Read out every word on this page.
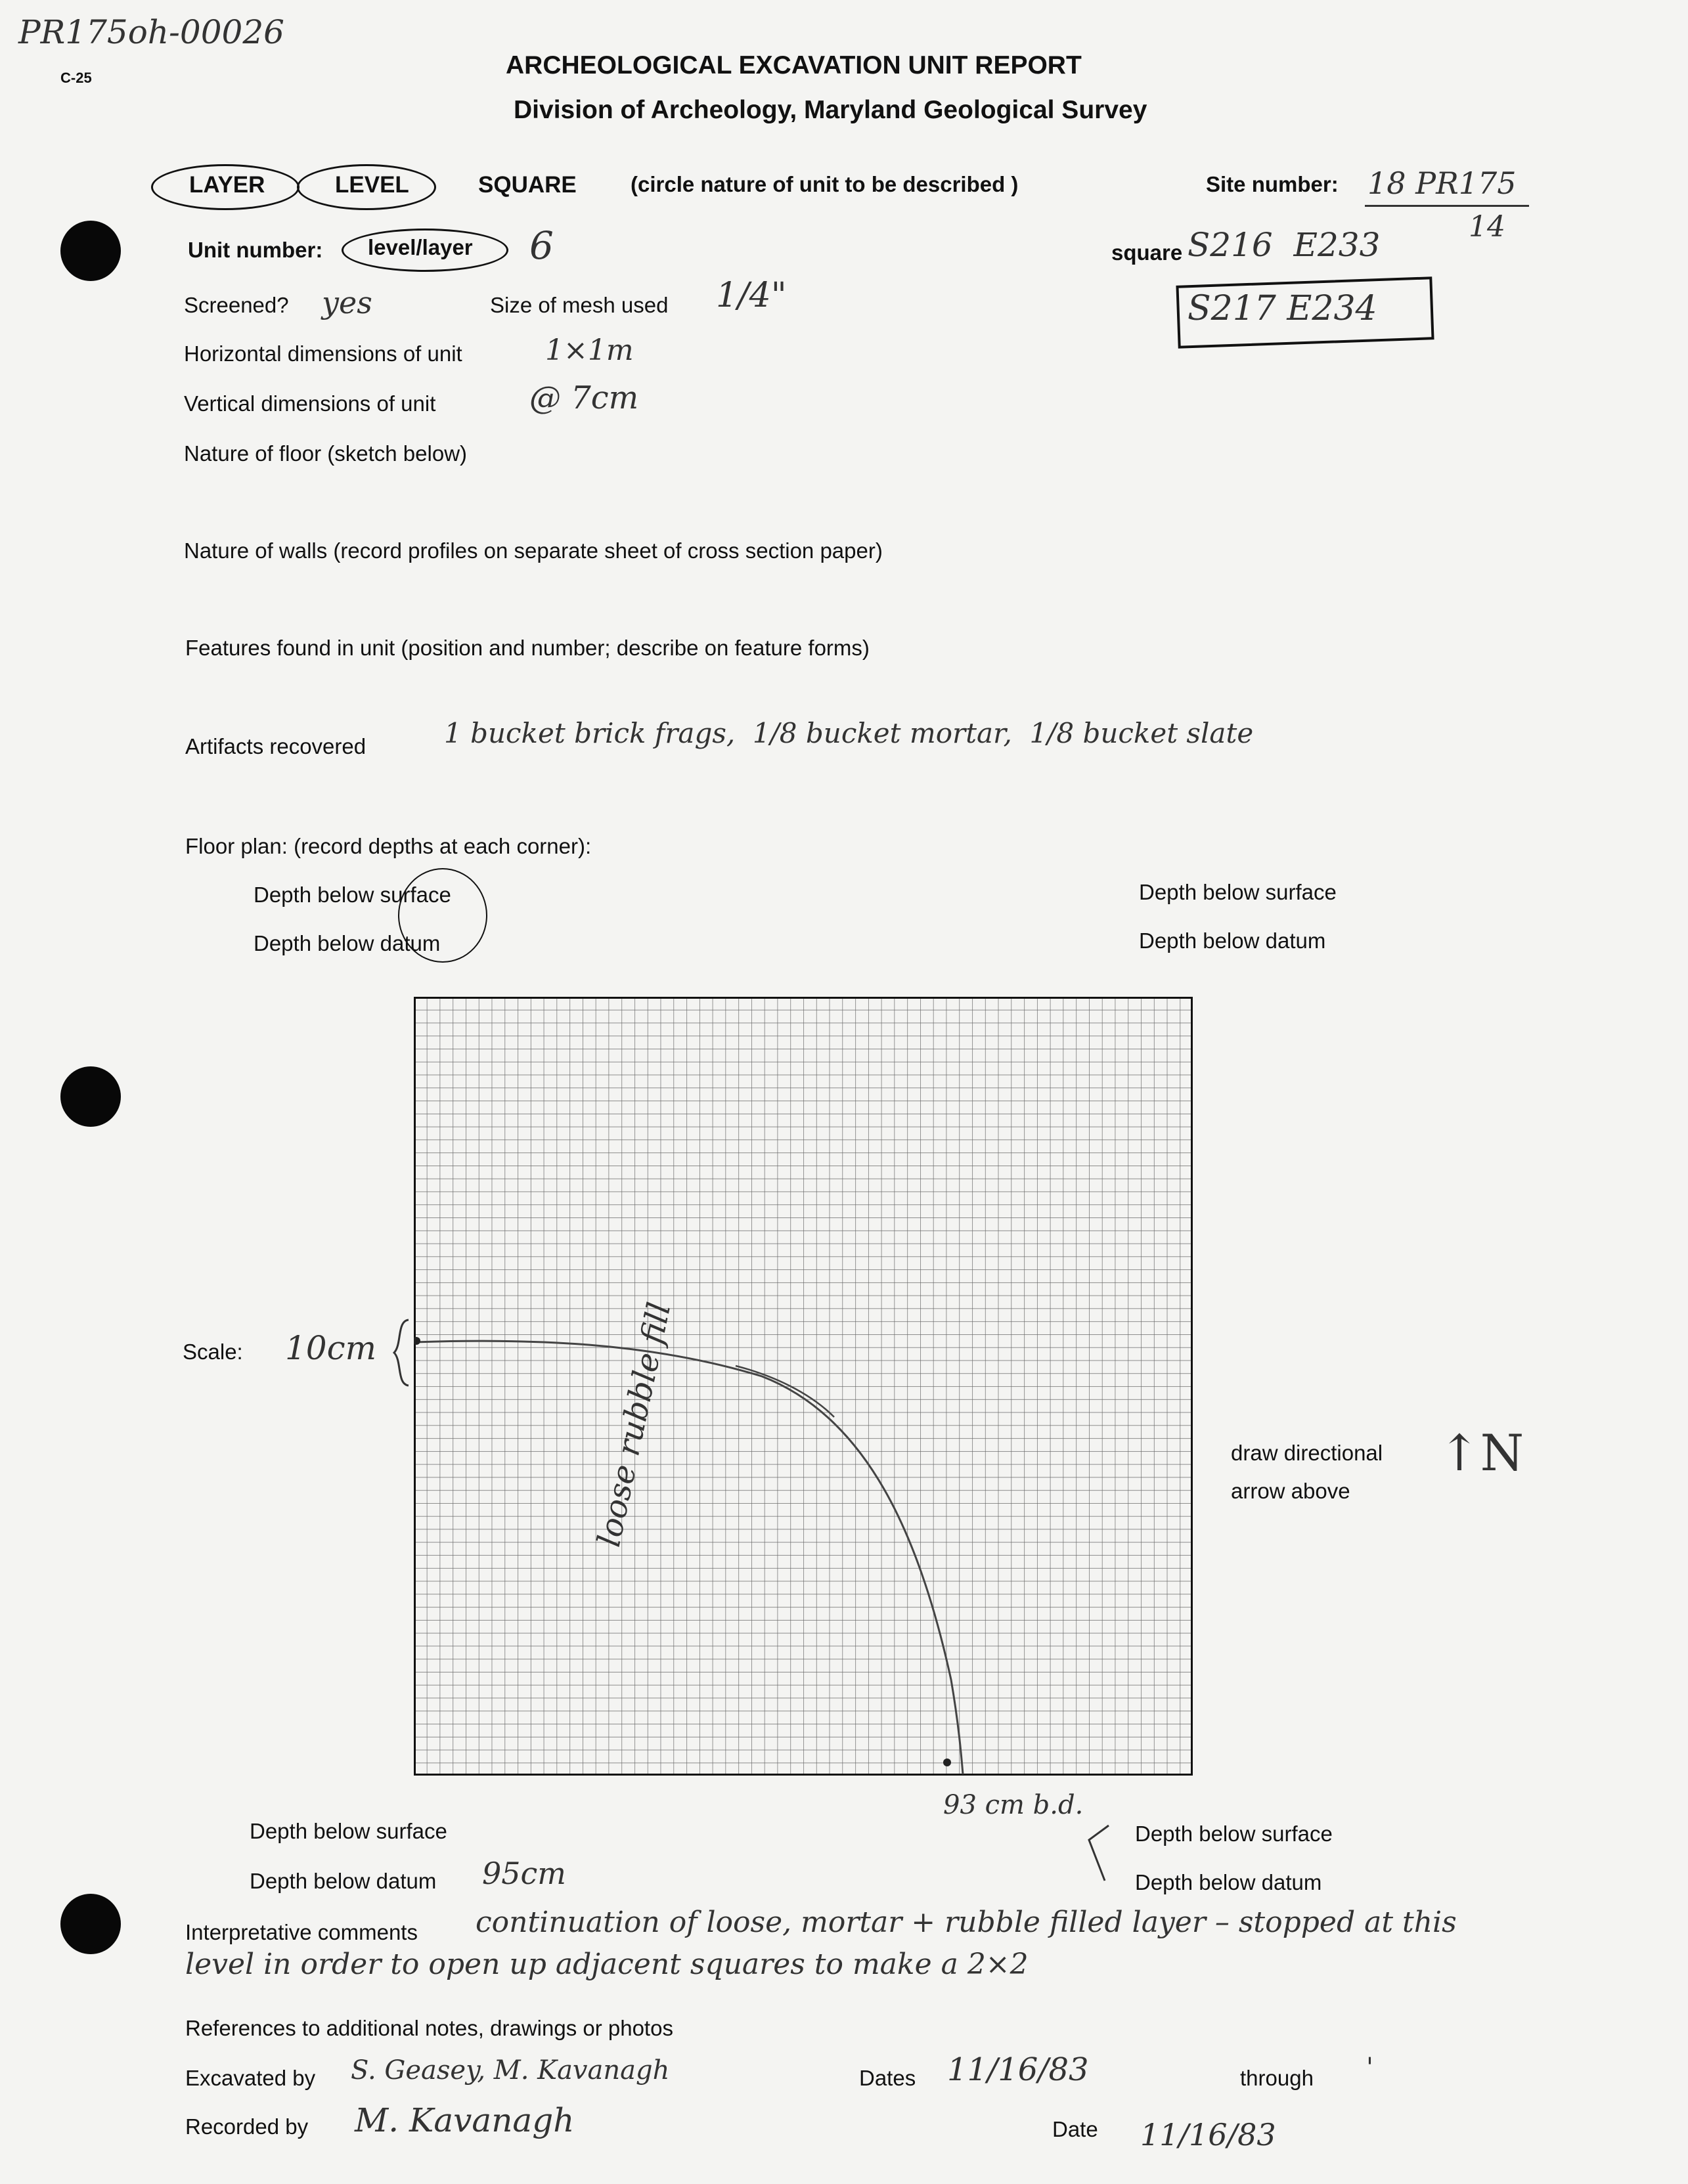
PR175oh-00026
C-25	ARCHEOLOGICAL EXCAVATION UNIT REPORT
Division of Archeology, Maryland Geological Survey
LAYER	LEVEL	SQUARE (circle nature of unit to be described )	Site number: 18 PR175
14
Unit number: level/layer 6	square S216  E233
S217 E234
Screened? yes	Size of mesh used 1/4"
Horizontal dimensions of unit	1×1m
Vertical dimensions of unit	@ 7cm
Nature of floor (sketch below)
Nature of walls (record profiles on separate sheet of cross section paper)
Features found in unit (position and number; describe on feature forms)
Artifacts recovered	1 bucket brick frags,  1/8 bucket mortar,  1/8 bucket slate
Floor plan: (record depths at each corner):
Depth below surface
Depth below datum
Depth below surface
Depth below datum
loose rubble fill
Scale: 10cm
draw directional
arrow above
↑N
93 cm b.d.
Depth below surface
Depth below datum 95cm
Depth below surface
Depth below datum
Interpretative comments continuation of loose, mortar + rubble filled layer – stopped at this
level in order to open up adjacent squares to make a 2×2
References to additional notes, drawings or photos
Excavated by S. Geasey, M. Kavanagh	Dates 11/16/83	through '
Recorded by M. Kavanagh	Date 11/16/83
